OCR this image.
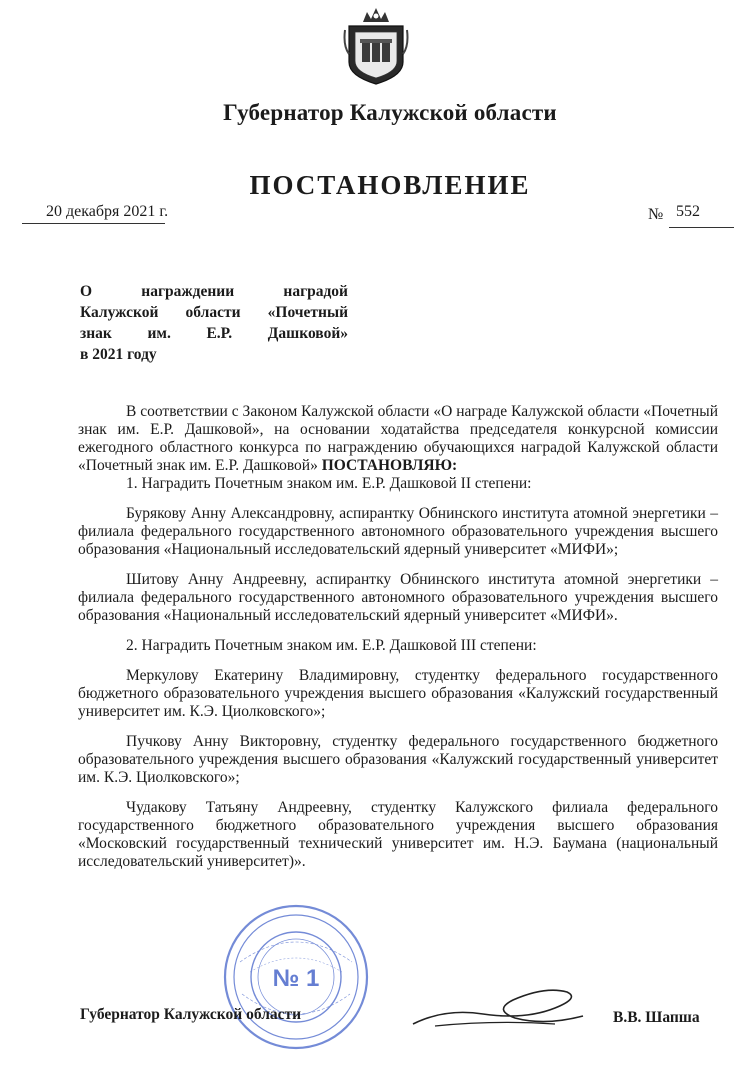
Губернатор Калужской области
ПОСТАНОВЛЕНИЕ
20 декабря 2021 г.	№ 552
О награждении наградой
Калужской области «Почетный
знак им. Е.Р. Дашковой»
в 2021 году

В соответствии с Законом Калужской области «О награде Калужской области «Почетный знак им. Е.Р. Дашковой», на основании ходатайства председателя конкурсной комиссии ежегодного областного конкурса по награждению обучающихся наградой Калужской области «Почетный знак им. Е.Р. Дашковой» ПОСТАНОВЛЯЮ:

1. Наградить Почетным знаком им. Е.Р. Дашковой II степени:

Бурякову Анну Александровну, аспирантку Обнинского института атомной энергетики – филиала федерального государственного автономного образовательного учреждения высшего образования «Национальный исследовательский ядерный университет «МИФИ»;

Шитову Анну Андреевну, аспирантку Обнинского института атомной энергетики – филиала федерального государственного автономного образовательного учреждения высшего образования «Национальный исследовательский ядерный университет «МИФИ».

2. Наградить Почетным знаком им. Е.Р. Дашковой III степени:

Меркулову Екатерину Владимировну, студентку федерального государственного бюджетного образовательного учреждения высшего образования «Калужский государственный университет им. К.Э. Циолковского»;

Пучкову Анну Викторовну, студентку федерального государственного бюджетного образовательного учреждения высшего образования «Калужский государственный университет им. К.Э. Циолковского»;

Чудакову Татьяну Андреевну, студентку Калужского филиала федерального государственного бюджетного образовательного учреждения высшего образования «Московский государственный технический университет им. Н.Э. Баумана (национальный исследовательский университет)».

№ 1
Губернатор Калужской области	В.В. Шапша
